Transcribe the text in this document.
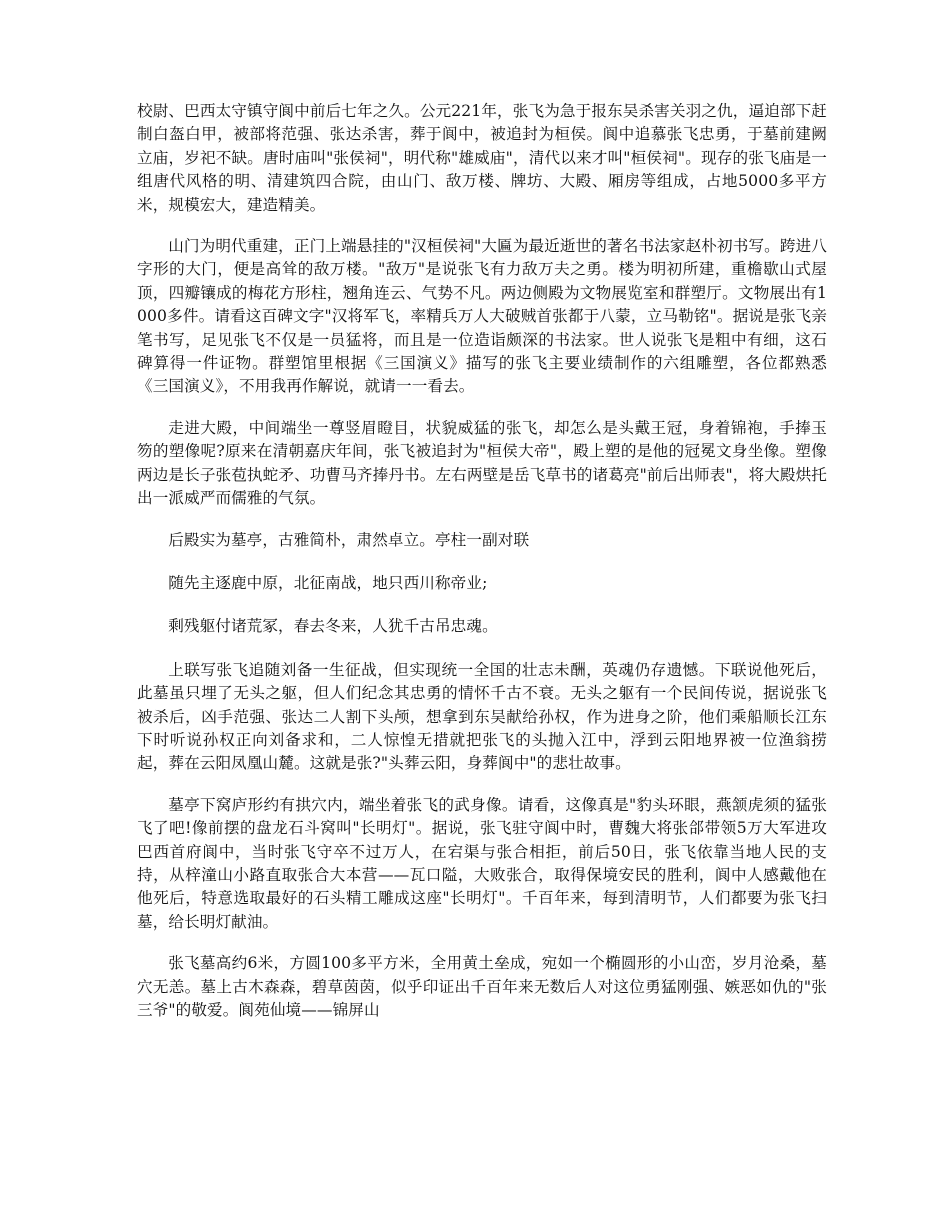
校尉、巴西太守镇守阆中前后七年之久。公元221年，张飞为急于报东吴杀害关羽之仇，逼迫部下赶制白盔白甲，被部将范强、张达杀害，葬于阆中，被追封为桓侯。阆中追慕张飞忠勇，于墓前建阙立庙，岁祀不缺。唐时庙叫"张侯祠"，明代称"雄威庙"，清代以来才叫"桓侯祠"。现存的张飞庙是一组唐代风格的明、清建筑四合院，由山门、敌万楼、牌坊、大殿、厢房等组成，占地5000多平方米，规模宏大，建造精美。

山门为明代重建，正门上端悬挂的"汉桓侯祠"大匾为最近逝世的著名书法家赵朴初书写。跨进八字形的大门，便是高耸的敌万楼。"敌万"是说张飞有力敌万夫之勇。楼为明初所建，重檐歇山式屋顶，四瓣镶成的梅花方形柱，翘角连云、气势不凡。两边侧殿为文物展览室和群塑厅。文物展出有1000多件。请看这百碑文字"汉将军飞，率精兵万人大破贼首张都于八蒙，立马勒铭"。据说是张飞亲笔书写，足见张飞不仅是一员猛将，而且是一位造诣颇深的书法家。世人说张飞是粗中有细，这石碑算得一件证物。群塑馆里根据《三国演义》描写的张飞主要业绩制作的六组雕塑，各位都熟悉《三国演义》，不用我再作解说，就请一一看去。

走进大殿，中间端坐一尊竖眉瞪目，状貌威猛的张飞，却怎么是头戴王冠，身着锦袍，手捧玉笏的塑像呢?原来在清朝嘉庆年间，张飞被追封为"桓侯大帝"，殿上塑的是他的冠冕文身坐像。塑像两边是长子张苞执蛇矛、功曹马齐捧丹书。左右两壁是岳飞草书的诸葛亮"前后出师表"，将大殿烘托出一派威严而儒雅的气氛。

后殿实为墓亭，古雅简朴，肃然卓立。亭柱一副对联

随先主逐鹿中原，北征南战，地只西川称帝业;

剩残躯付诸荒冢，春去冬来，人犹千古吊忠魂。

上联写张飞追随刘备一生征战，但实现统一全国的壮志未酬，英魂仍存遗憾。下联说他死后，此墓虽只埋了无头之躯，但人们纪念其忠勇的情怀千古不衰。无头之躯有一个民间传说，据说张飞被杀后，凶手范强、张达二人割下头颅，想拿到东吴献给孙权，作为进身之阶，他们乘船顺长江东下时听说孙权正向刘备求和，二人惊惶无措就把张飞的头抛入江中，浮到云阳地界被一位渔翁捞起，葬在云阳凤凰山麓。这就是张?"头葬云阳，身葬阆中"的悲壮故事。

墓亭下窝庐形约有拱穴内，端坐着张飞的武身像。请看，这像真是"豹头环眼，燕颔虎须的猛张飞了吧!像前摆的盘龙石斗窝叫"长明灯"。据说，张飞驻守阆中时，曹魏大将张郃带领5万大军进攻巴西首府阆中，当时张飞守卒不过万人，在宕渠与张合相拒，前后50日，张飞依靠当地人民的支持，从梓潼山小路直取张合大本营——瓦口隘，大败张合，取得保境安民的胜利，阆中人感戴他在他死后，特意选取最好的石头精工雕成这座"长明灯"。千百年来，每到清明节，人们都要为张飞扫墓，给长明灯献油。

张飞墓高约6米，方圆100多平方米，全用黄土垒成，宛如一个椭圆形的小山峦，岁月沧桑，墓穴无恙。墓上古木森森，碧草茵茵，似乎印证出千百年来无数后人对这位勇猛刚强、嫉恶如仇的"张三爷"的敬爱。阆苑仙境——锦屏山
